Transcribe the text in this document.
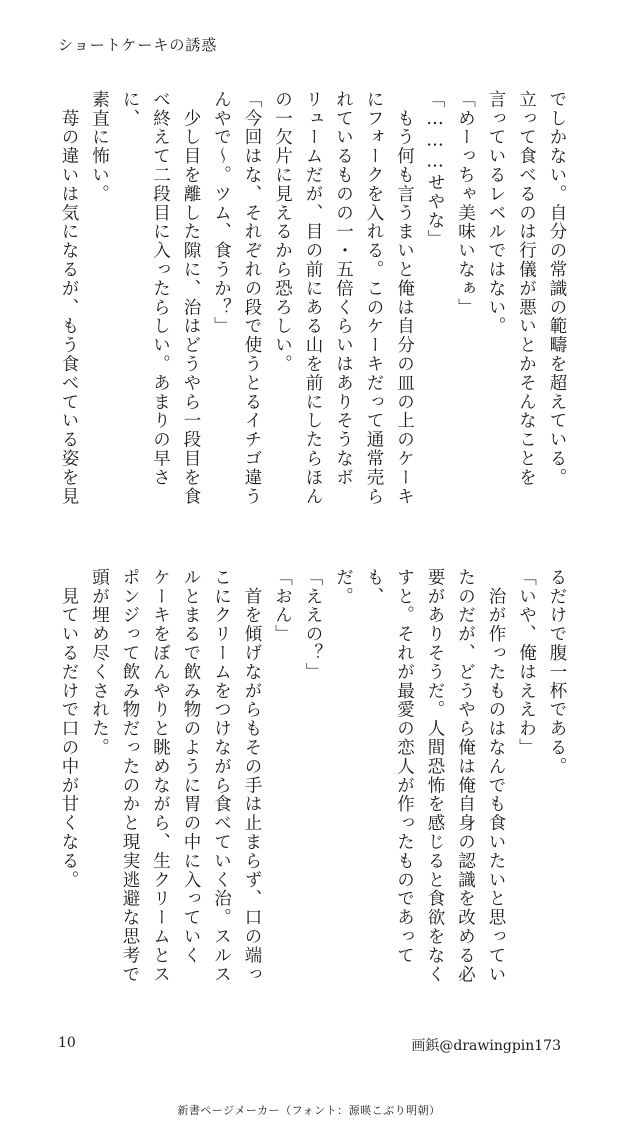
ショートケーキの誘惑

でしかない。自分の常識の範疇を超えている。

立って食べるのは行儀が悪いとかそんなことを

言っているレベルではない。

「めーっちゃ美味いなぁ」

「………せやな」

　もう何も言うまいと俺は自分の皿の上のケーキ

にフォークを入れる。このケーキだって通常売ら

れているものの一・五倍くらいはありそうなボ

リュームだが、目の前にある山を前にしたらほん

の一欠片に見えるから恐ろしい。

「今回はな、それぞれの段で使うとるイチゴ違う

んやで〜。ツム、食うか？」

　少し目を離した隙に、治はどうやら一段目を食

べ終えて二段目に入ったらしい。あまりの早さに、

素直に怖い。

　苺の違いは気になるが、もう食べている姿を見

るだけで腹一杯である。

「いや、俺はええわ」

　治が作ったものはなんでも食いたいと思ってい

たのだが、どうやら俺は俺自身の認識を改める必

要がありそうだ。人間恐怖を感じると食欲をなく

すと。それが最愛の恋人が作ったものであっても、

だ。

「ええの？」

「おん」

　首を傾げながらもその手は止まらず、口の端っ

こにクリームをつけながら食べていく治。スルス

ルとまるで飲み物のように胃の中に入っていく

ケーキをぼんやりと眺めながら、生クリームとス

ポンジって飲み物だったのかと現実逃避な思考で

頭が埋め尽くされた。

　見ているだけで口の中が甘くなる。

10	画鋲@drawingpin173
新書ページメーカー（フォント：源暎こぶり明朝）
